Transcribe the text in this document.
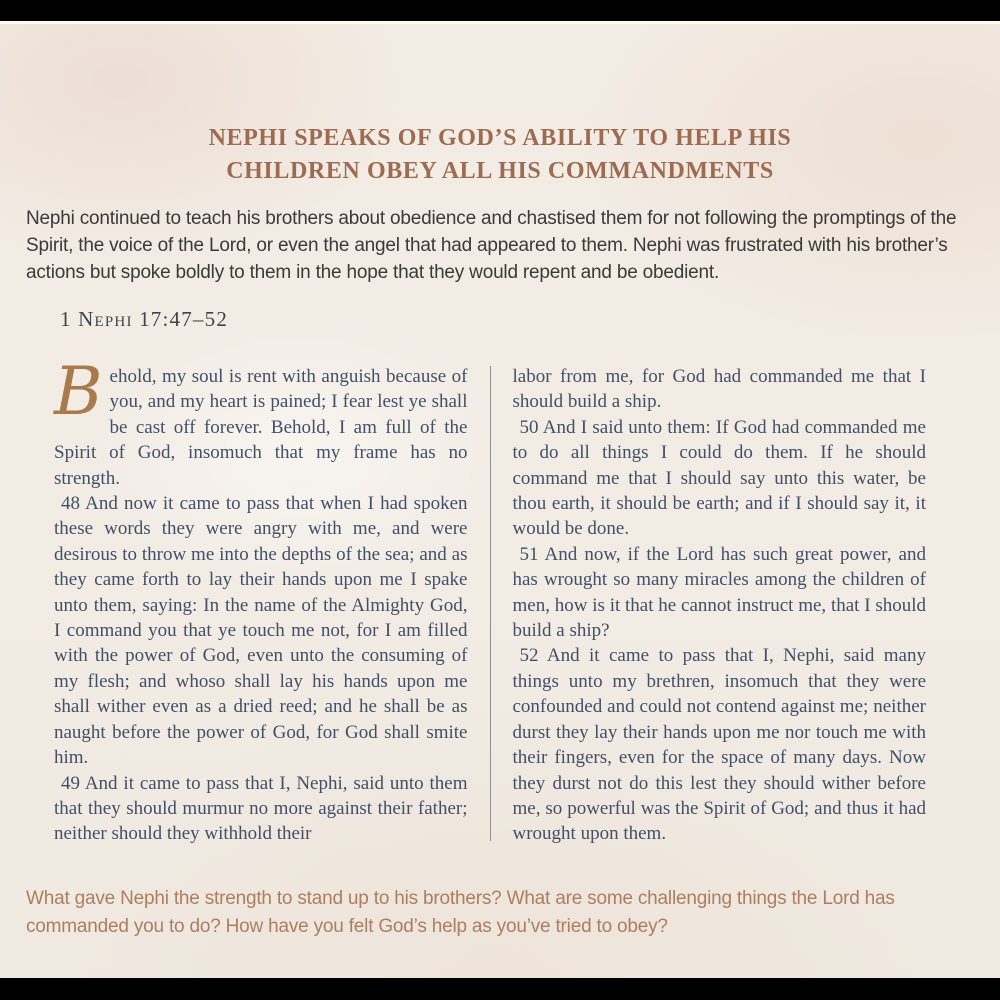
NEPHI SPEAKS OF GOD’S ABILITY TO HELP HIS CHILDREN OBEY ALL HIS COMMANDMENTS

Nephi continued to teach his brothers about obedience and chastised them for not following the promptings of the Spirit, the voice of the Lord, or even the angel that had appeared to them. Nephi was frustrated with his brother’s actions but spoke boldly to them in the hope that they would repent and be obedient.

1 Nephi 17:47–52

Behold, my soul is rent with anguish because of you, and my heart is pained; I fear lest ye shall be cast off forever. Behold, I am full of the Spirit of God, insomuch that my frame has no strength.

48 And now it came to pass that when I had spoken these words they were angry with me, and were desirous to throw me into the depths of the sea; and as they came forth to lay their hands upon me I spake unto them, saying: In the name of the Almighty God, I command you that ye touch me not, for I am filled with the power of God, even unto the consuming of my flesh; and whoso shall lay his hands upon me shall wither even as a dried reed; and he shall be as naught before the power of God, for God shall smite him.

49 And it came to pass that I, Nephi, said unto them that they should murmur no more against their father; neither should they withhold their

labor from me, for God had commanded me that I should build a ship.

50 And I said unto them: If God had commanded me to do all things I could do them. If he should command me that I should say unto this water, be thou earth, it should be earth; and if I should say it, it would be done.

51 And now, if the Lord has such great power, and has wrought so many miracles among the children of men, how is it that he cannot instruct me, that I should build a ship?

52 And it came to pass that I, Nephi, said many things unto my brethren, insomuch that they were confounded and could not contend against me; neither durst they lay their hands upon me nor touch me with their fingers, even for the space of many days. Now they durst not do this lest they should wither before me, so powerful was the Spirit of God; and thus it had wrought upon them.

What gave Nephi the strength to stand up to his brothers? What are some challenging things the Lord has commanded you to do? How have you felt God’s help as you’ve tried to obey?
